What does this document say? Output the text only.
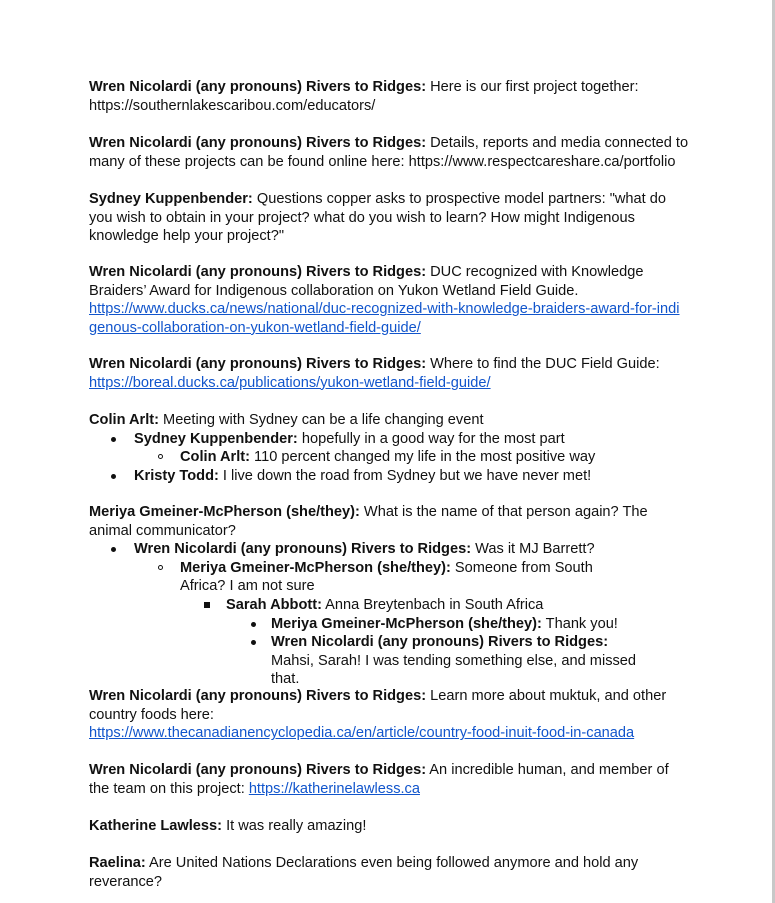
Wren Nicolardi (any pronouns) Rivers to Ridges: Here is our first project together: https://southernlakescaribou.com/educators/

Wren Nicolardi (any pronouns) Rivers to Ridges: Details, reports and media connected to many of these projects can be found online here: https://www.respectcareshare.ca/portfolio

Sydney Kuppenbender: Questions copper asks to prospective model partners: "what do you wish to obtain in your project? what do you wish to learn? How might Indigenous knowledge help your project?"

Wren Nicolardi (any pronouns) Rivers to Ridges: DUC recognized with Knowledge Braiders’ Award for Indigenous collaboration on Yukon Wetland Field Guide.
https://www.ducks.ca/news/national/duc-recognized-with-knowledge-braiders-award-for-indigenous-collaboration-on-yukon-wetland-field-guide/

Wren Nicolardi (any pronouns) Rivers to Ridges: Where to find the DUC Field Guide:
https://boreal.ducks.ca/publications/yukon-wetland-field-guide/

Colin Arlt: Meeting with Sydney can be a life changing event
Sydney Kuppenbender: hopefully in a good way for the most part
Colin Arlt: 110 percent changed my life in the most positive way
Kristy Todd: I live down the road from Sydney but we have never met!
Meriya Gmeiner-McPherson (she/they): What is the name of that person again? The animal communicator?
Wren Nicolardi (any pronouns) Rivers to Ridges: Was it MJ Barrett?
Meriya Gmeiner-McPherson (she/they): Someone from South Africa? I am not sure
Sarah Abbott: Anna Breytenbach in South Africa
Meriya Gmeiner-McPherson (she/they): Thank you!
Wren Nicolardi (any pronouns) Rivers to Ridges: Mahsi, Sarah! I was tending something else, and missed that.

Wren Nicolardi (any pronouns) Rivers to Ridges: Learn more about muktuk, and other country foods here:
https://www.thecanadianencyclopedia.ca/en/article/country-food-inuit-food-in-canada

Wren Nicolardi (any pronouns) Rivers to Ridges: An incredible human, and member of the team on this project: https://katherinelawless.ca

Katherine Lawless: It was really amazing!

Raelina: Are United Nations Declarations even being followed anymore and hold any reverance?
